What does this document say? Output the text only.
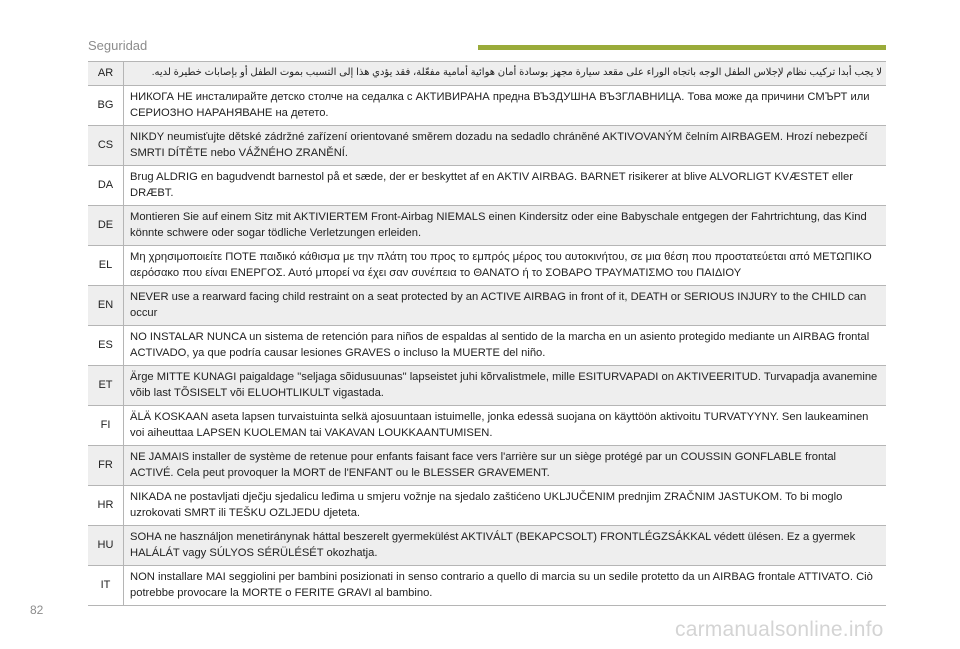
Seguridad
AR	لا يجب أبدا تركيب نظام لإجلاس الطفل الوجه باتجاه الوراء على مقعد سيارة مجهز بوسادة أمان هوائية أمامية مفعّلة، فقد يؤدي هذا إلى التسبب بموت الطفل أو بإصابات خطيرة لديه.
BG
НИКОГА НЕ инсталирайте детско столче на седалка с АКТИВИРАНА предна ВЪЗДУШНА ВЪЗГЛАВНИЦА. Това може да причини СМЪРТ или СЕРИОЗНО НАРАНЯВАНЕ на детето.
CS
NIKDY neumisťujte dětské zádržné zařízení orientované směrem dozadu na sedadlo chráněné AKTIVOVANÝM čelním AIRBAGEM. Hrozí nebezpečí SMRTI DÍTĚTE nebo VÁŽNÉHO ZRANĚNÍ.
DA
Brug ALDRIG en bagudvendt barnestol på et sæde, der er beskyttet af en AKTIV AIRBAG. BARNET risikerer at blive ALVORLIGT KVÆSTET eller DRÆBT.
DE
Montieren Sie auf einem Sitz mit AKTIVIERTEM Front-Airbag NIEMALS einen Kindersitz oder eine Babyschale entgegen der Fahrtrichtung, das Kind könnte schwere oder sogar tödliche Verletzungen erleiden.
EL
Μη χρησιμοποιείτε ΠΟΤΕ παιδικό κάθισμα με την πλάτη του προς το εμπρός μέρος του αυτοκινήτου, σε μια θέση που προστατεύεται από ΜΕΤΩΠΙΚΟ αερόσακο που είναι ΕΝΕΡΓΟΣ. Αυτό μπορεί να έχει σαν συνέπεια το ΘΑΝΑΤΟ ή το ΣΟΒΑΡΟ ΤΡΑΥΜΑΤΙΣΜΟ του ΠΑΙΔΙΟΥ
EN
NEVER use a rearward facing child restraint on a seat protected by an ACTIVE AIRBAG in front of it, DEATH or SERIOUS INJURY to the CHILD can occur
ES
NO INSTALAR NUNCA un sistema de retención para niños de espaldas al sentido de la marcha en un asiento protegido mediante un AIRBAG frontal ACTIVADO, ya que podría causar lesiones GRAVES o incluso la MUERTE del niño.
ET
Ärge MITTE KUNAGI paigaldage "seljaga sõidusuunas" lapseistet juhi kõrvalistmele, mille ESITURVAPADI on AKTIVEERITUD. Turvapadja avanemine võib last TÕSISELT või ELUOHTLIKULT vigastada.
FI
ÄLÄ KOSKAAN aseta lapsen turvaistuinta selkä ajosuuntaan istuimelle, jonka edessä suojana on käyttöön aktivoitu TURVATYYNY. Sen laukeaminen voi aiheuttaa LAPSEN KUOLEMAN tai VAKAVAN LOUKKAANTUMISEN.
FR
NE JAMAIS installer de système de retenue pour enfants faisant face vers l'arrière sur un siège protégé par un COUSSIN GONFLABLE frontal ACTIVÉ. Cela peut provoquer la MORT de l'ENFANT ou le BLESSER GRAVEMENT.
HR
NIKADA ne postavljati dječju sjedalicu leđima u smjeru vožnje na sjedalo zaštićeno UKLJUČENIM prednjim ZRAČNIM JASTUKOM. To bi moglo uzrokovati SMRT ili TEŠKU OZLJEDU djeteta.
HU
SOHA ne használjon menetiránynak háttal beszerelt gyermekülést AKTIVÁLT (BEKAPCSOLT) FRONTLÉGZSÁKKAL védett ülésen. Ez a gyermek HALÁLÁT vagy SÚLYOS SÉRÜLÉSÉT okozhatja.
IT
NON installare MAI seggiolini per bambini posizionati in senso contrario a quello di marcia su un sedile protetto da un AIRBAG frontale ATTIVATO. Ciò potrebbe provocare la MORTE o FERITE GRAVI al bambino.
82
carmanualsonline.info
